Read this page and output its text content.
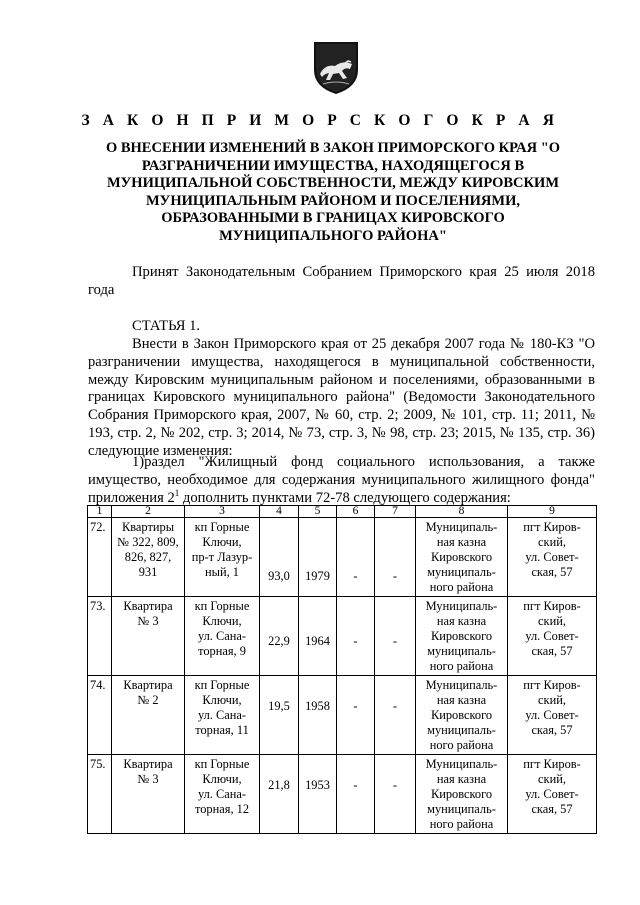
З А К О Н П Р И М О Р С К О Г О К Р А Я
О ВНЕСЕНИИ ИЗМЕНЕНИЙ В ЗАКОН ПРИМОРСКОГО КРАЯ "О РАЗГРАНИЧЕНИИ ИМУЩЕСТВА, НАХОДЯЩЕГОСЯ В МУНИЦИПАЛЬНОЙ СОБСТВЕННОСТИ, МЕЖДУ КИРОВСКИМ МУНИЦИПАЛЬНЫМ РАЙОНОМ И ПОСЕЛЕНИЯМИ, ОБРАЗОВАННЫМИ В ГРАНИЦАХ КИРОВСКОГО МУНИЦИПАЛЬНОГО РАЙОНА"
Принят Законодательным Собранием Приморского края 25 июля 2018 года
СТАТЬЯ 1.
Внести в Закон Приморского края от 25 декабря 2007 года № 180-КЗ "О разграничении имущества, находящегося в муниципальной собственности, между Кировским муниципальным районом и поселениями, образованными в границах Кировского муниципального района" (Ведомости Законодательного Собрания Приморского края, 2007, № 60, стр. 2; 2009, № 101, стр. 11; 2011, № 193, стр. 2, № 202, стр. 3; 2014, № 73, стр. 3, № 98, стр. 23; 2015, № 135, стр. 36) следующие изменения:
1)раздел "Жилищный фонд социального использования, а также имущество, необходимое для содержания муниципального жилищного фонда" приложения $2^1$ дополнить пунктами 72-78 следующего содержания:
1	2	3	4	5	6	7	8	9
72.	Квартиры
№ 322, 809,
826, 827,
931	кп Горные
Ключи,
пр-т Лазур-
ный, 1	93,0	1979	-	-	Муниципаль-
ная казна
Кировского
муниципаль-
ного района	пгт Киров-
ский,
ул. Совет-
ская, 57
73.	Квартира
№ 3	кп Горные
Ключи,
ул. Сана-
торная, 9	22,9	1964	-	-	Муниципаль-
ная казна
Кировского
муниципаль-
ного района	пгт Киров-
ский,
ул. Совет-
ская, 57
74.	Квартира
№ 2	кп Горные
Ключи,
ул. Сана-
торная, 11	19,5	1958	-	-	Муниципаль-
ная казна
Кировского
муниципаль-
ного района	пгт Киров-
ский,
ул. Совет-
ская, 57
75.	Квартира
№ 3	кп Горные
Ключи,
ул. Сана-
торная, 12	21,8	1953	-	-	Муниципаль-
ная казна
Кировского
муниципаль-
ного района	пгт Киров-
ский,
ул. Совет-
ская, 57
